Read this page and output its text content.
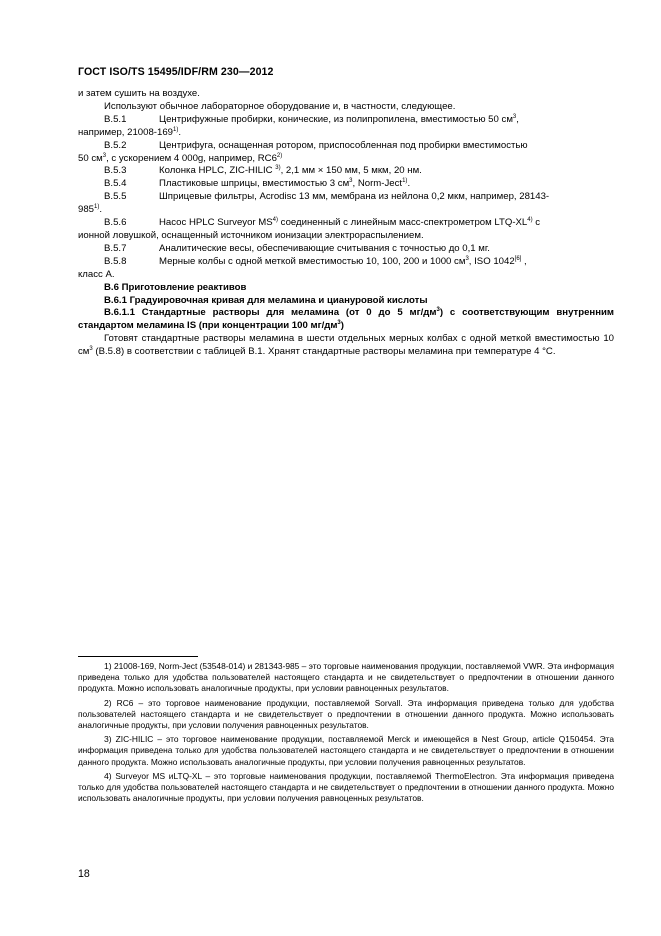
ГОСТ ISO/TS 15495/IDF/RM 230—2012

и затем сушить на воздухе.

Используют обычное лабораторное оборудование и, в частности, следующее.

B.5.1	Центрифужные пробирки, конические, из полипропилена, вместимостью 50 $см^3$,

например, 21008-169$^{1)}$.

B.5.2	Центрифуга, оснащенная ротором, приспособленная под пробирки вместимостью

50 $см^3$, с ускорением 4 000g, например, RC6$^{2)}$

B.5.3	Колонка HPLC, ZIC-HILIC $^{3)}$, 2,1 мм × 150 мм, 5 мкм, 20 нм.
B.5.4	Пластиковые шприцы, вместимостью 3 $см^3$, Norm-Ject$^{1)}$.
B.5.5	Шприцевые фильтры, Acrodisc 13 мм, мембрана из нейлона 0,2 мкм, например, 28143-

985$^{1)}$.

B.5.6	Насос HPLC Surveyor MS$^{4)}$ соединенный с линейным масс-спектрометром LTQ-XL$^{4)}$ с

ионной ловушкой, оснащенный источником ионизации электрораспылением.

B.5.7	Аналитические весы, обеспечивающие считывания с точностью до 0,1 мг.
B.5.8	Мерные колбы с одной меткой вместимостью 10, 100, 200 и 1000 $см^3$, ISO 1042[6] ,

класс А.

В.6 Приготовление реактивов

В.6.1 Градуировочная кривая для меламина и циануровой кислоты

В.6.1.1 Стандартные растворы для меламина (от 0 до 5 $мг/дм^3$) с соответствующим внутренним стандартом меламина IS (при концентрации 100 $мг/дм^3$)

Готовят стандартные растворы меламина в шести отдельных мерных колбах с одной меткой вместимостью 10 $см^3$ (В.5.8) в соответствии с таблицей В.1. Хранят стандартные растворы меламина при температуре 4 °С.

1) 21008-169, Norm-Ject (53548-014) и 281343-985 – это торговые наименования продукции, поставляемой VWR. Эта информация приведена только для удобства пользователей настоящего стандарта и не свидетельствует о предпочтении в отношении данного продукта. Можно использовать аналогичные продукты, при условии равноценных результатов.

2) RC6 – это торговое наименование продукции, поставляемой Sorvall. Эта информация приведена только для удобства пользователей настоящего стандарта и не свидетельствует о предпочтении в отношении данного продукта. Можно использовать аналогичные продукты, при условии получения равноценных результатов.

3) ZIC-HILIC – это торговое наименование продукции, поставляемой Merck и имеющейся в Nest Group, article Q150454. Эта информация приведена только для удобства пользователей настоящего стандарта и не свидетельствует о предпочтении в отношении данного продукта. Можно использовать аналогичные продукты, при условии получения равноценных результатов.

4) Surveyor MS иLTQ-XL – это торговые наименования продукции, поставляемой ThermoElectron. Эта информация приведена только для удобства пользователей настоящего стандарта и не свидетельствует о предпочтении в отношении данного продукта. Можно использовать аналогичные продукты, при условии получения равноценных результатов.

18
